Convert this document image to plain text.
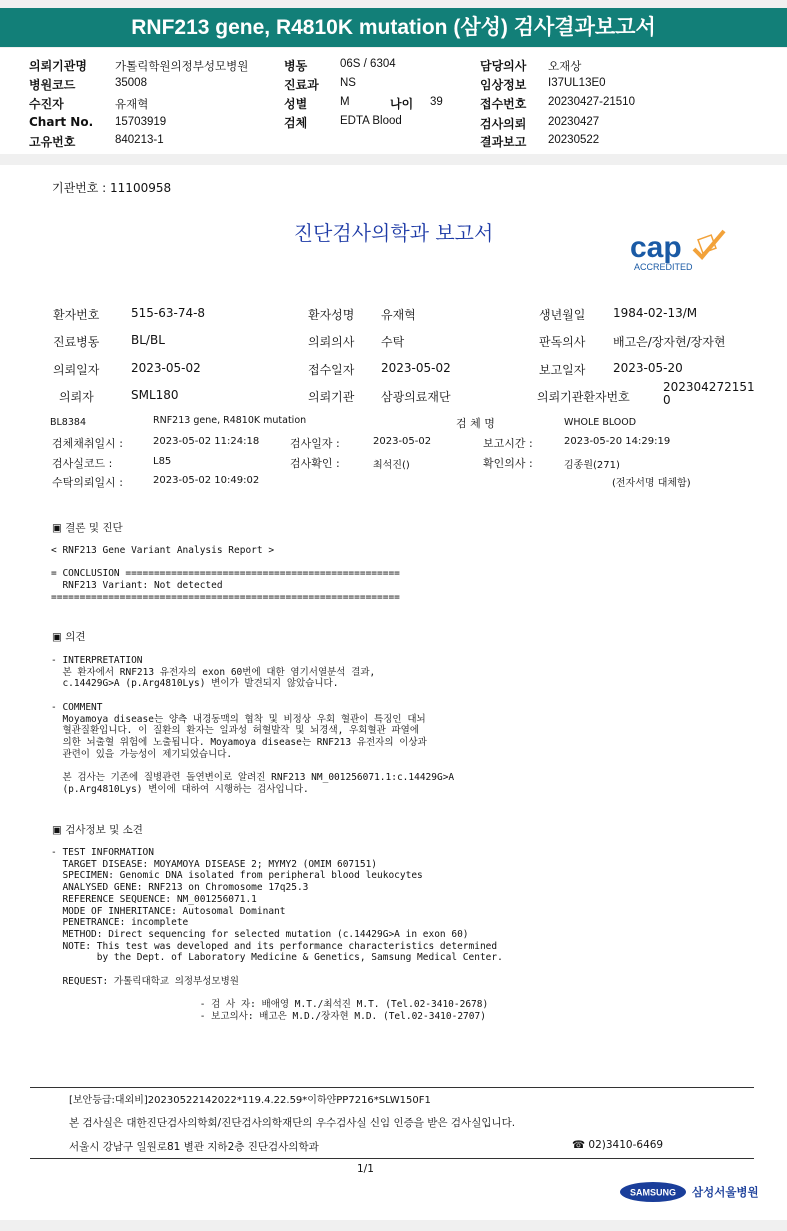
RNF213 gene, R4810K mutation (삼성) 검사결과보고서
의뢰기관명 가톨릭학원의정부성모병원
병원코드	35008
수진자	유재혁
Chart No. 15703919
고유번호	840213-1
병동	06S / 6304
진료과 NS
성별	M	나이 39
검체	EDTA Blood
담당의사 오재상
임상정보 I37UL13E0
접수번호 20230427-21510
검사의뢰 20230427
결과보고 20230522
기관번호 : 11100958
진단검사의학과 보고서	cap
ACCREDITED
환자번호	515-63-74-8	환자성명 유재혁	생년월일 1984-02-13/M
진료병동	BL/BL	의뢰의사 수탁	판독의사 배고은/장자현/장자현
의뢰일자	2023-05-02	접수일자 2023-05-02	보고일자 2023-05-20
의뢰자	SML180	의뢰기관 삼광의료재단	의뢰기관환자번호
202304272151
0
BL8384	RNF213 gene, R4810K mutation	검 체 명	WHOLE BLOOD
검체채취일시 :	2023-05-02 11:24:18	검사일자 :	2023-05-02	보고시간 :	2023-05-20 14:29:19
검사실코드 :	L85	검사확인 :	최석진()	확인의사 :	김종원(271)
수탁의뢰일시 :	2023-05-02 10:49:02	(전자서명 대체함)
▣ 결론 및 진단
< RNF213 Gene Variant Analysis Report >

= CONCLUSION ================================================
RNF213 Variant: Not detected
=============================================================
▣ 의견
- INTERPRETATION
본 환자에서 RNF213 유전자의 exon 60번에 대한 염기서열분석 결과,
c.14429G>A (p.Arg4810Lys) 변이가 발견되지 않았습니다.

- COMMENT
Moyamoya disease는 양측 내경동맥의 협착 및 비정상 우회 혈관이 특징인 대뇌
혈관질환입니다. 이 질환의 환자는 일과성 허혈발작 및 뇌경색, 우회혈관 파열에
의한 뇌출혈 위험에 노출됩니다. Moyamoya disease는 RNF213 유전자의 이상과
관련이 있을 가능성이 제기되었습니다.

본 검사는 기존에 질병관련 돌연변이로 알려진 RNF213 NM_001256071.1:c.14429G>A
(p.Arg4810Lys) 변이에 대하여 시행하는 검사입니다.
▣ 검사정보 및 소견
- TEST INFORMATION
TARGET DISEASE: MOYAMOYA DISEASE 2; MYMY2 (OMIM 607151)
SPECIMEN: Genomic DNA isolated from peripheral blood leukocytes
ANALYSED GENE: RNF213 on Chromosome 17q25.3
REFERENCE SEQUENCE: NM_001256071.1
MODE OF INHERITANCE: Autosomal Dominant
PENETRANCE: incomplete
METHOD: Direct sequencing for selected mutation (c.14429G>A in exon 60)
NOTE: This test was developed and its performance characteristics determined
by the Dept. of Laboratory Medicine & Genetics, Samsung Medical Center.

REQUEST: 가톨릭대학교 의정부성모병원

- 검 사 자: 배애영 M.T./최석진 M.T. (Tel.02-3410-2678)
- 보고의사: 배고은 M.D./장자현 M.D. (Tel.02-3410-2707)
[보안등급:대외비]20230522142022*119.4.22.59*이하얀PP7216*SLW150F1
본 검사실은 대한진단검사의학회/진단검사의학재단의 우수검사실 신임 인증을 받은 검사실입니다.
서울시 강남구 일원로81 별관 지하2층 진단검사의학과	☎ 02)3410-6469
1/1
SAMSUNG 삼성서울병원
